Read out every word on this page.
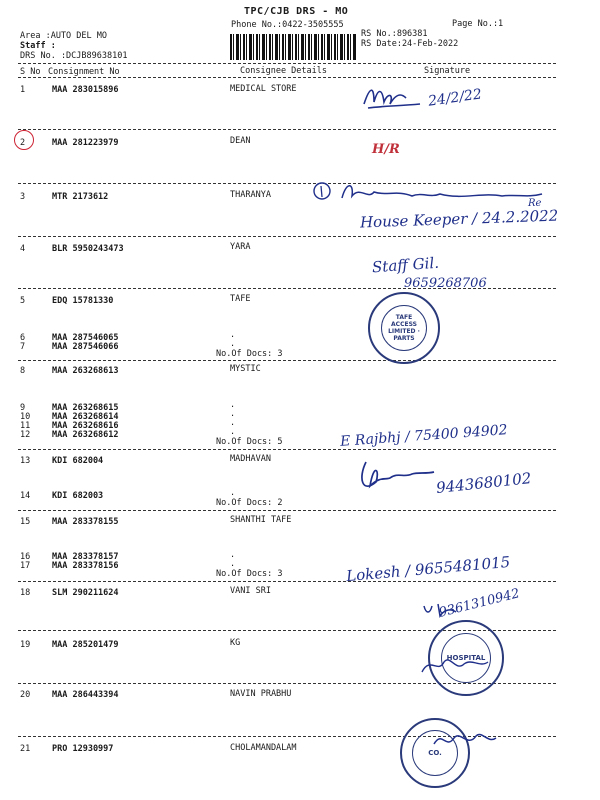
TPC/CJB DRS - MO
Phone No.:0422-3505555	Page No.:1
Area :AUTO DEL MO
Staff :
DRS No. :DCJB89638101
RS No.:896381
RS Date:24-Feb-2022
S No Consignment No	Consignee Details	Signature
1	MAA 283015896	MEDICAL STORE
2	MAA 281223979	DEAN
3	MTR 2173612	THARANYA
4	BLR 5950243473	YARA
5	EDQ 15781330	TAFE
6	MAA 287546065	.
7	MAA 287546066	.
No.Of Docs: 3
8	MAA 263268613	MYSTIC
9	MAA 263268615	.
10	MAA 263268614	.
11	MAA 263268616	.
12	MAA 263268612	.
No.Of Docs: 5
13	KDI 682004	MADHAVAN
14	KDI 682003	.
No.Of Docs: 2
15	MAA 283378155	SHANTHI TAFE
16	MAA 283378157	.
17	MAA 283378156	.
No.Of Docs: 3
18	SLM 290211624	VANI SRI
19	MAA 285201479	KG
20	MAA 286443394	NAVIN PRABHU
21	PRO 12930997	CHOLAMANDALAM
24/2/22
H/R
Re
House Keeper / 24.2.2022
Staff Gil.
9659268706
TAFE ACCESS LIMITED · PARTS
E Rajbhj / 75400 94902
9443680102
Lokesh / 9655481015
9361310942
HOSPITAL
CO.
